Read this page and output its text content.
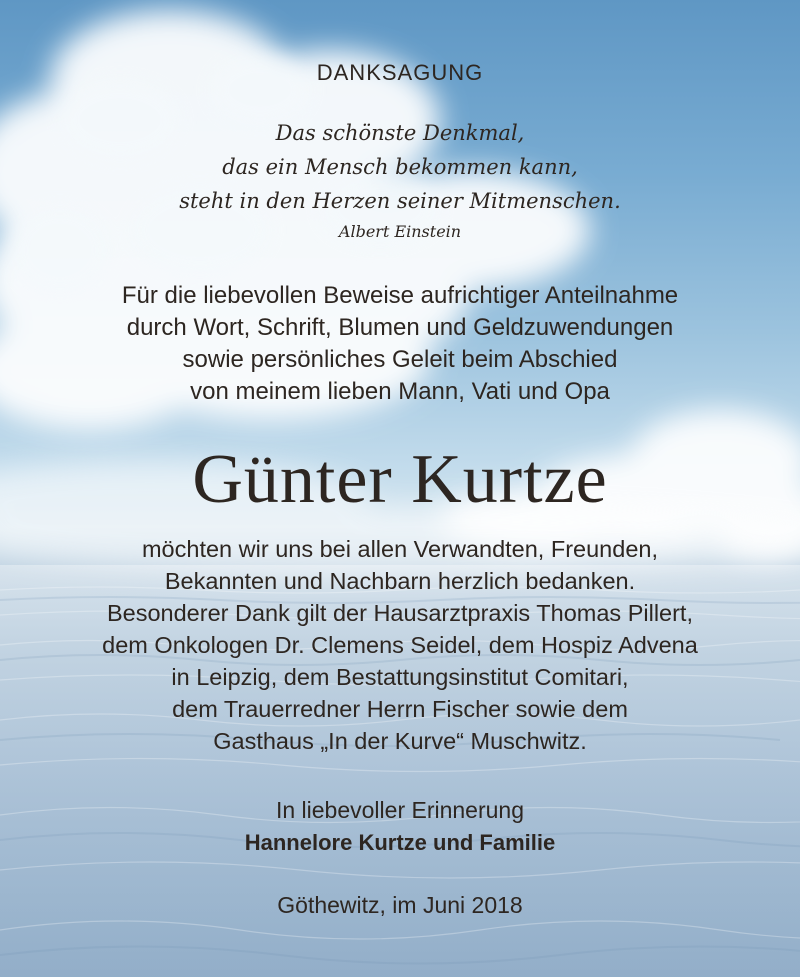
DANKSAGUNG
Das schönste Denkmal,
das ein Mensch bekommen kann,
steht in den Herzen seiner Mitmenschen.
Albert Einstein
Für die liebevollen Beweise aufrichtiger Anteilnahme
durch Wort, Schrift, Blumen und Geldzuwendungen
sowie persönliches Geleit beim Abschied
von meinem lieben Mann, Vati und Opa
Günter Kurtze
möchten wir uns bei allen Verwandten, Freunden,
Bekannten und Nachbarn herzlich bedanken.
Besonderer Dank gilt der Hausarztpraxis Thomas Pillert,
dem Onkologen Dr. Clemens Seidel, dem Hospiz Advena
in Leipzig, dem Bestattungsinstitut Comitari,
dem Trauerredner Herrn Fischer sowie dem
Gasthaus „In der Kurve“ Muschwitz.
In liebevoller Erinnerung
Hannelore Kurtze und Familie
Göthewitz, im Juni 2018
